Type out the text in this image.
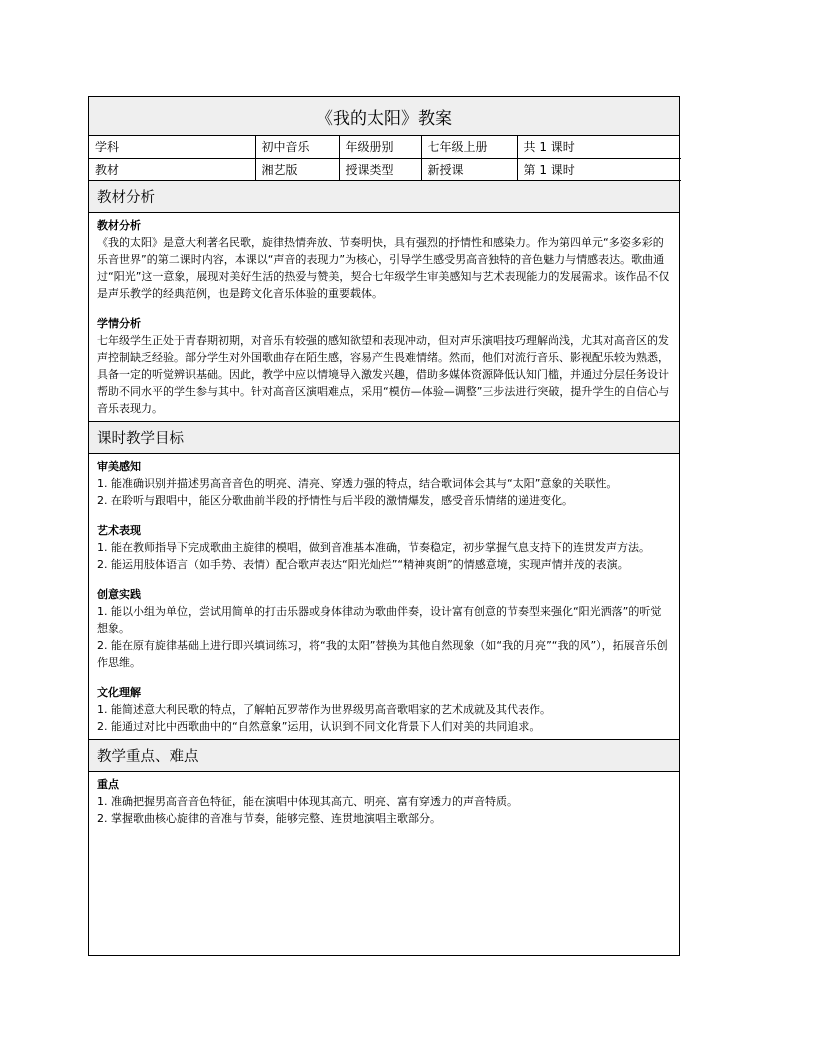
《我的太阳》教案
学科	初中音乐	年级册别	七年级上册	共 1 课时
教材	湘艺版	授课类型	新授课	第 1 课时
教材分析

教材分析

《我的太阳》是意大利著名民歌，旋律热情奔放、节奏明快，具有强烈的抒情性和感染力。作为第四单元“多姿多彩的乐音世界”的第二课时内容，本课以“声音的表现力”为核心，引导学生感受男高音独特的音色魅力与情感表达。歌曲通过“阳光”这一意象，展现对美好生活的热爱与赞美，契合七年级学生审美感知与艺术表现能力的发展需求。该作品不仅是声乐教学的经典范例，也是跨文化音乐体验的重要载体。

学情分析

七年级学生正处于青春期初期，对音乐有较强的感知欲望和表现冲动，但对声乐演唱技巧理解尚浅，尤其对高音区的发声控制缺乏经验。部分学生对外国歌曲存在陌生感，容易产生畏难情绪。然而，他们对流行音乐、影视配乐较为熟悉，具备一定的听觉辨识基础。因此，教学中应以情境导入激发兴趣，借助多媒体资源降低认知门槛，并通过分层任务设计帮助不同水平的学生参与其中。针对高音区演唱难点，采用“模仿—体验—调整”三步法进行突破，提升学生的自信心与音乐表现力。

课时教学目标

审美感知

1. 能准确识别并描述男高音音色的明亮、清亮、穿透力强的特点，结合歌词体会其与“太阳”意象的关联性。

2. 在聆听与跟唱中，能区分歌曲前半段的抒情性与后半段的激情爆发，感受音乐情绪的递进变化。

艺术表现

1. 能在教师指导下完成歌曲主旋律的模唱，做到音准基本准确，节奏稳定，初步掌握气息支持下的连贯发声方法。

2. 能运用肢体语言（如手势、表情）配合歌声表达“阳光灿烂”“精神爽朗”的情感意境，实现声情并茂的表演。

创意实践

1. 能以小组为单位，尝试用简单的打击乐器或身体律动为歌曲伴奏，设计富有创意的节奏型来强化“阳光洒落”的听觉想象。

2. 能在原有旋律基础上进行即兴填词练习，将“我的太阳”替换为其他自然现象（如“我的月亮”“我的风”），拓展音乐创作思维。

文化理解

1. 能简述意大利民歌的特点，了解帕瓦罗蒂作为世界级男高音歌唱家的艺术成就及其代表作。

2. 能通过对比中西歌曲中的“自然意象”运用，认识到不同文化背景下人们对美的共同追求。

教学重点、难点

重点

1. 准确把握男高音音色特征，能在演唱中体现其高亢、明亮、富有穿透力的声音特质。

2. 掌握歌曲核心旋律的音准与节奏，能够完整、连贯地演唱主歌部分。
